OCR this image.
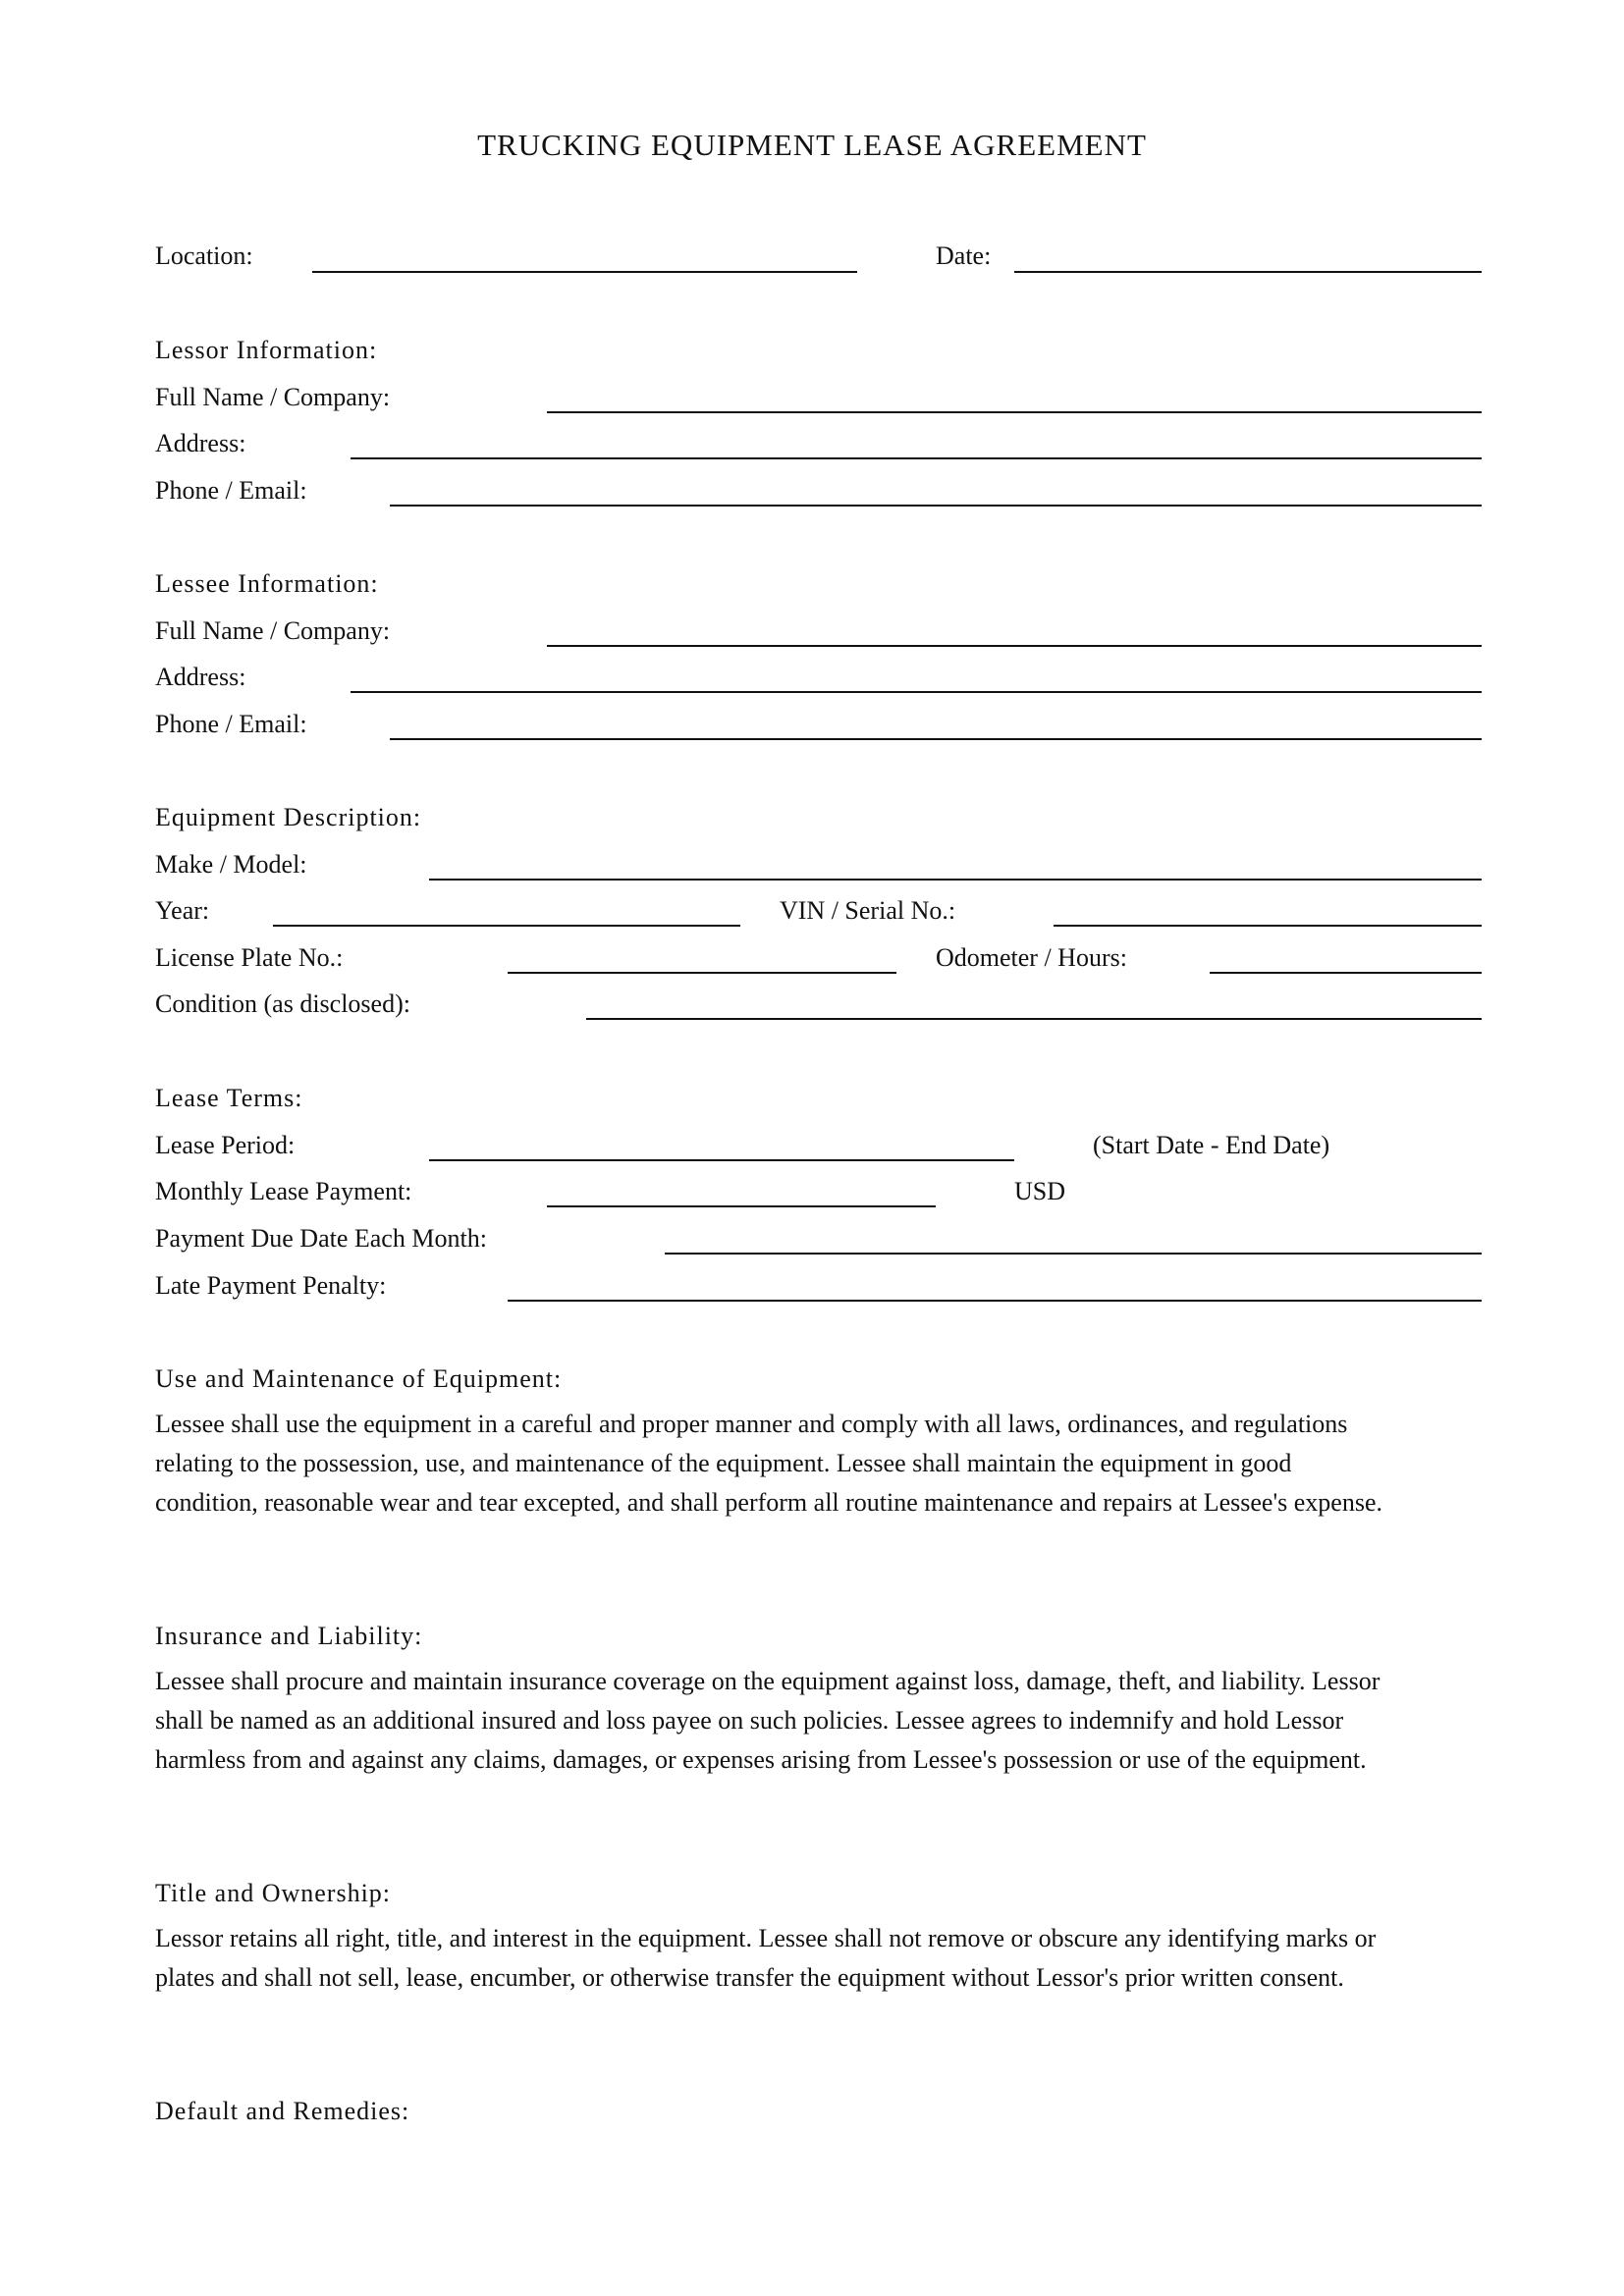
TRUCKING EQUIPMENT LEASE AGREEMENT
Location:	Date:
Lessor Information:
Full Name / Company:
Address:
Phone / Email:
Lessee Information:
Full Name / Company:
Address:
Phone / Email:
Equipment Description:
Make / Model:
Year:	VIN / Serial No.:
License Plate No.:	Odometer / Hours:
Condition (as disclosed):
Lease Terms:
Lease Period:	(Start Date - End Date)
Monthly Lease Payment:	USD
Payment Due Date Each Month:
Late Payment Penalty:
Use and Maintenance of Equipment:
Lessee shall use the equipment in a careful and proper manner and comply with all laws, ordinances, and regulations
relating to the possession, use, and maintenance of the equipment. Lessee shall maintain the equipment in good
condition, reasonable wear and tear excepted, and shall perform all routine maintenance and repairs at Lessee's expense.
Insurance and Liability:
Lessee shall procure and maintain insurance coverage on the equipment against loss, damage, theft, and liability. Lessor
shall be named as an additional insured and loss payee on such policies. Lessee agrees to indemnify and hold Lessor
harmless from and against any claims, damages, or expenses arising from Lessee's possession or use of the equipment.
Title and Ownership:
Lessor retains all right, title, and interest in the equipment. Lessee shall not remove or obscure any identifying marks or
plates and shall not sell, lease, encumber, or otherwise transfer the equipment without Lessor's prior written consent.
Default and Remedies:
